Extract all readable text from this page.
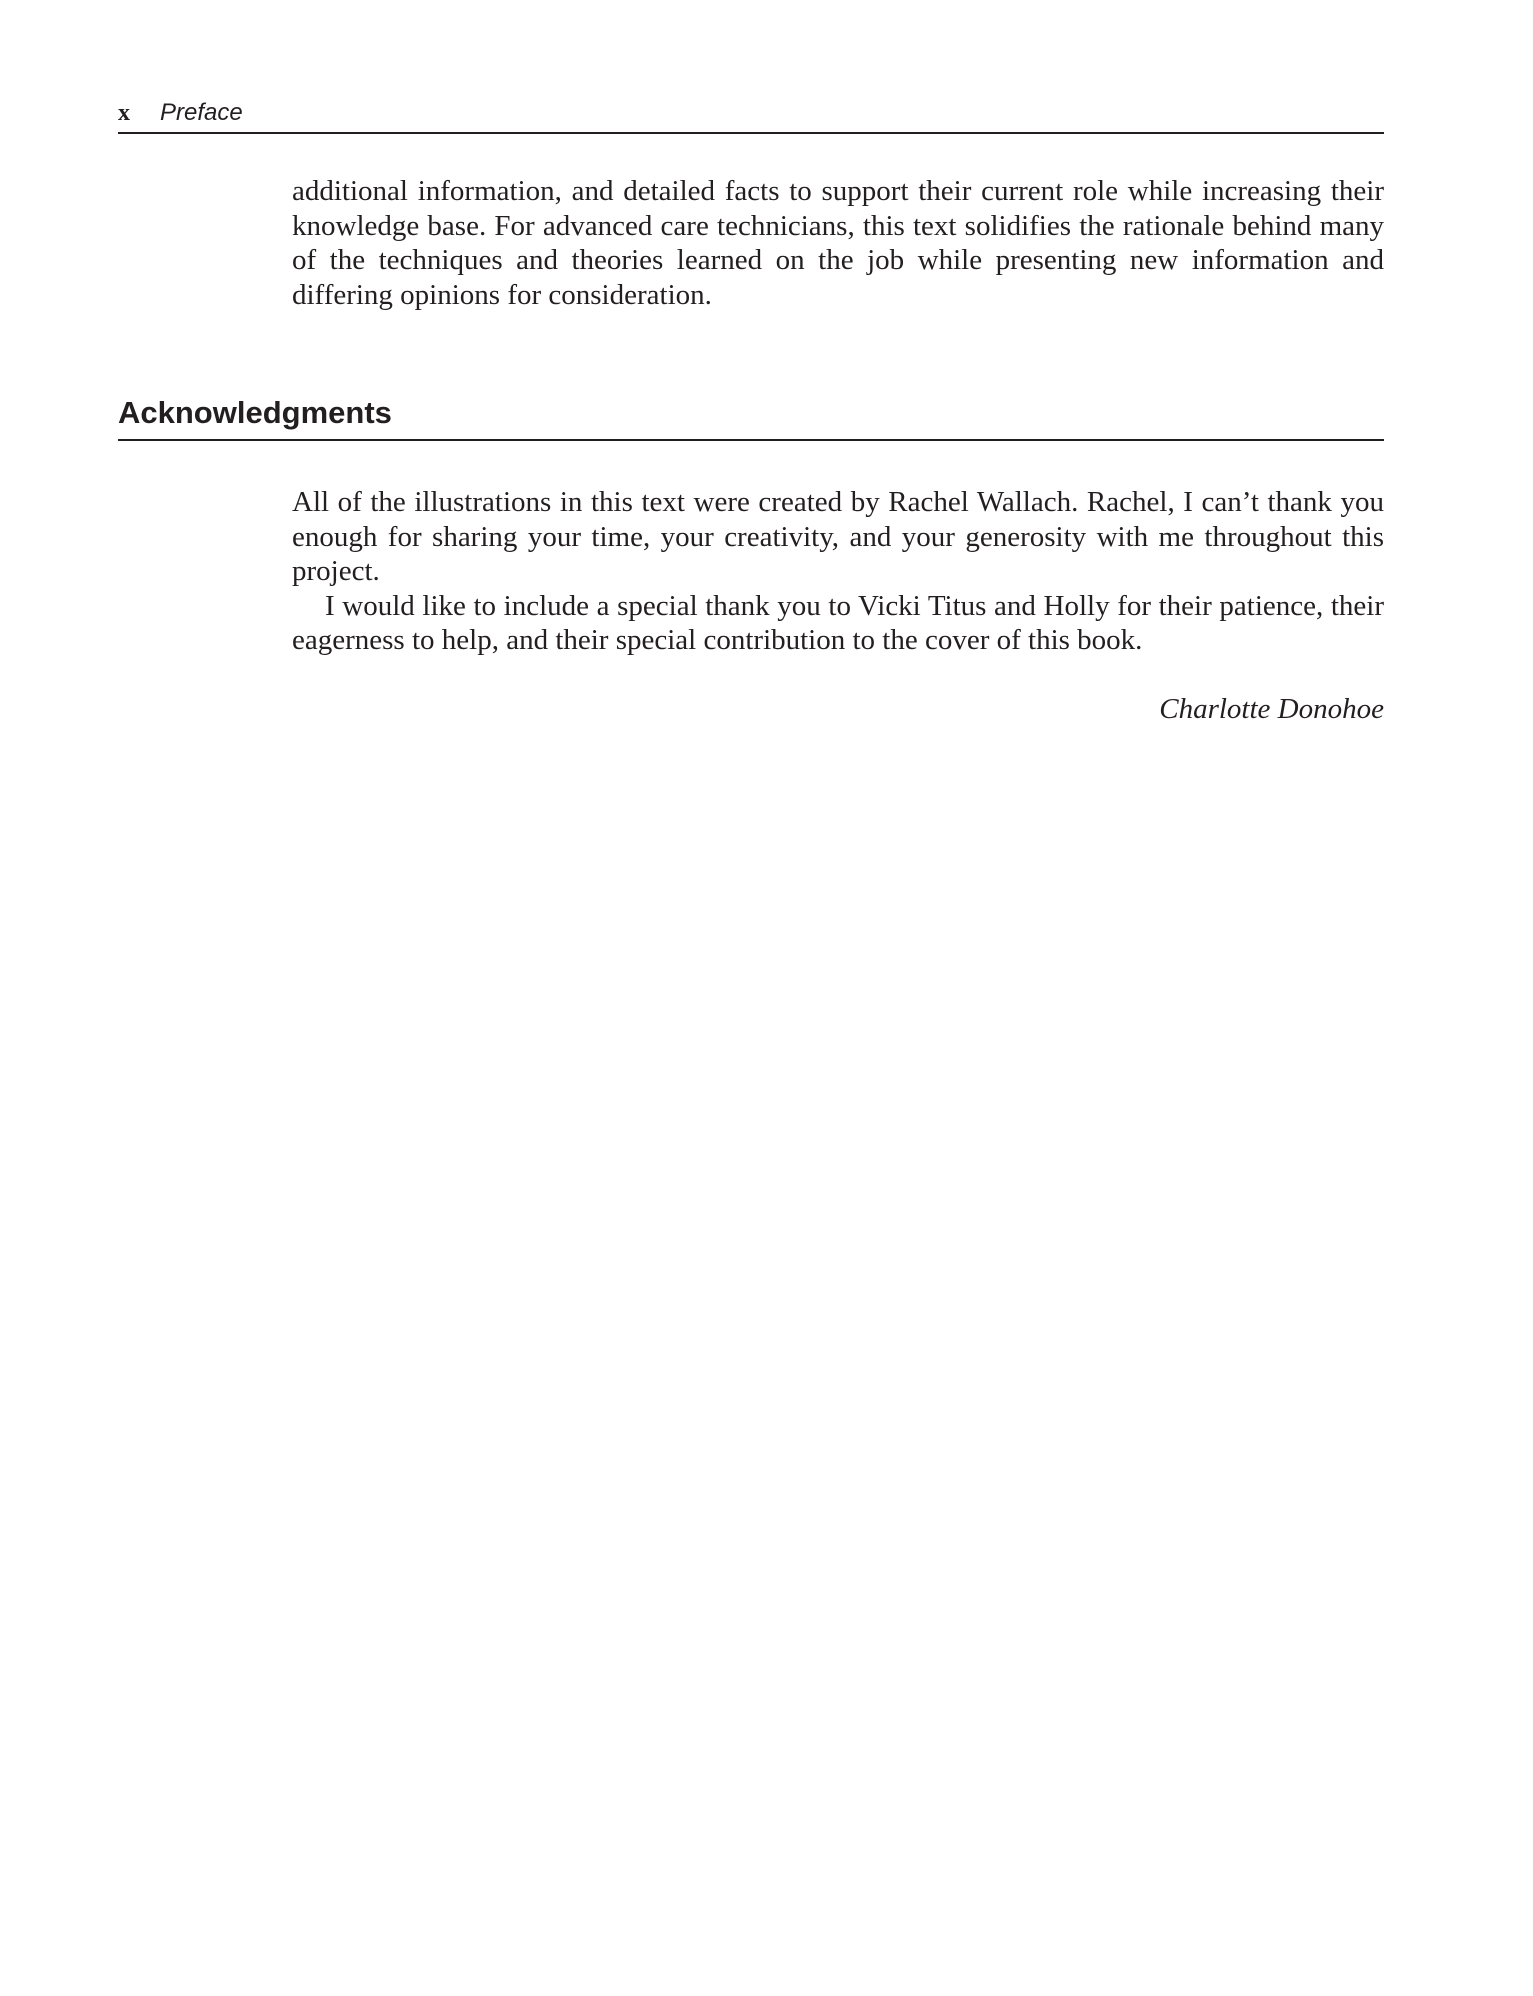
x Preface

additional information, and detailed facts to support their current role while increasing their knowledge base. For advanced care technicians, this text solidifies the rationale behind many of the techniques and theories learned on the job while presenting new information and differing opinions for consideration.

Acknowledgments

All of the illustrations in this text were created by Rachel Wallach. Rachel, I can’t thank you enough for sharing your time, your creativity, and your generosity with me throughout this project.

I would like to include a special thank you to Vicki Titus and Holly for their patience, their eagerness to help, and their special contribution to the cover of this book.

Charlotte Donohoe
